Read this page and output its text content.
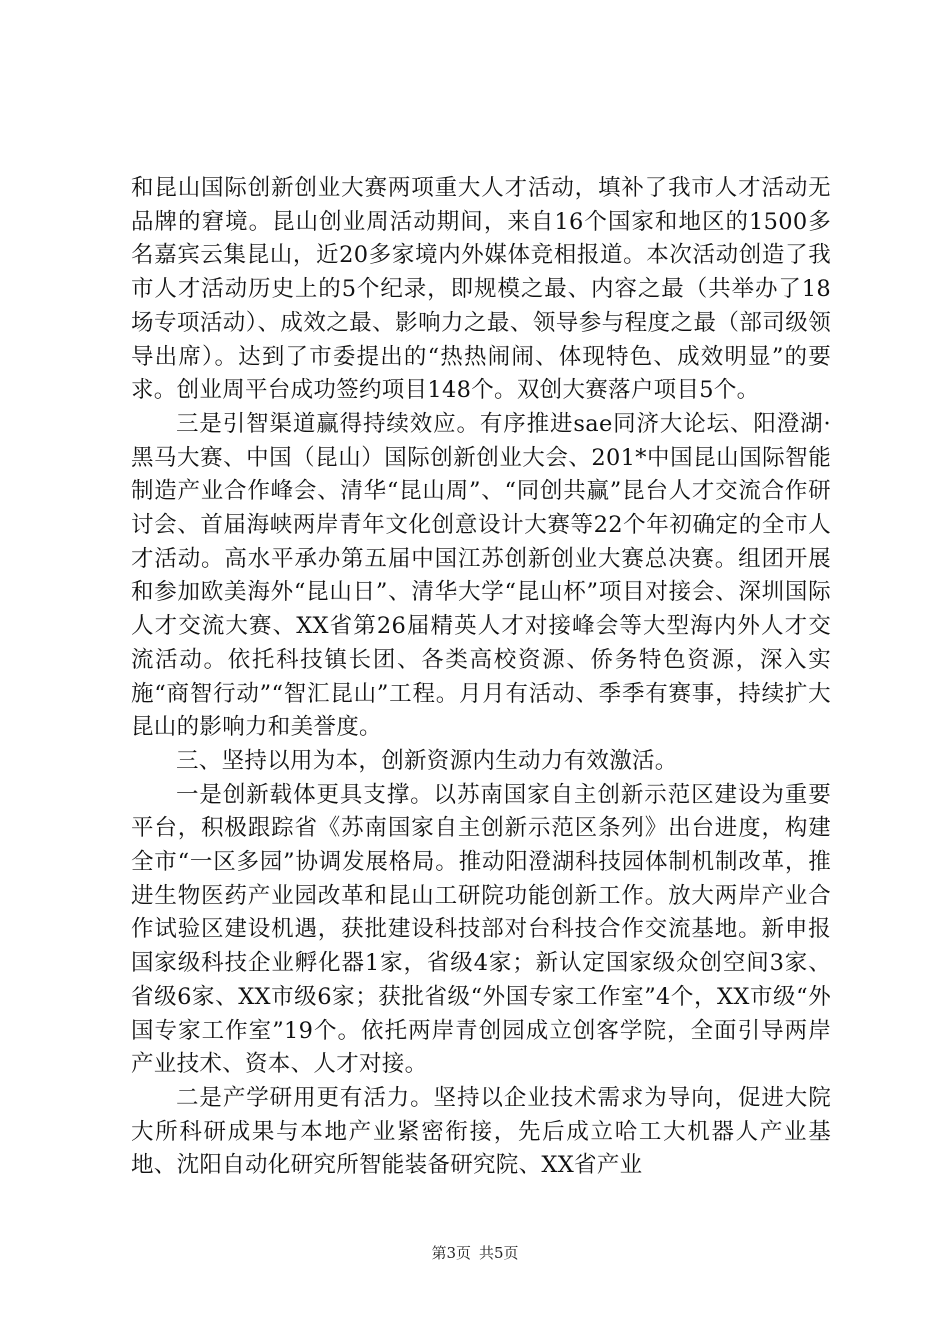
和昆山国际创新创业大赛两项重大人才活动，填补了我市人才活动无品牌的窘境。昆山创业周活动期间，来自16个国家和地区的1500多名嘉宾云集昆山，近20多家境内外媒体竞相报道。本次活动创造了我市人才活动历史上的5个纪录，即规模之最、内容之最（共举办了18场专项活动）、成效之最、影响力之最、领导参与程度之最（部司级领导出席）。达到了市委提出的“热热闹闹、体现特色、成效明显”的要求。创业周平台成功签约项目148个。双创大赛落户项目5个。

三是引智渠道赢得持续效应。有序推进sae同济大论坛、阳澄湖·黑马大赛、中国（昆山）国际创新创业大会、201*中国昆山国际智能制造产业合作峰会、清华“昆山周”、“同创共赢”昆台人才交流合作研讨会、首届海峡两岸青年文化创意设计大赛等22个年初确定的全市人才活动。高水平承办第五届中国江苏创新创业大赛总决赛。组团开展和参加欧美海外“昆山日”、清华大学“昆山杯”项目对接会、深圳国际人才交流大赛、XX省第26届精英人才对接峰会等大型海内外人才交流活动。依托科技镇长团、各类高校资源、侨务特色资源，深入实施“商智行动”“智汇昆山”工程。月月有活动、季季有赛事，持续扩大昆山的影响力和美誉度。

三、坚持以用为本，创新资源内生动力有效激活。

一是创新载体更具支撑。以苏南国家自主创新示范区建设为重要平台，积极跟踪省《苏南国家自主创新示范区条列》出台进度，构建全市“一区多园”协调发展格局。推动阳澄湖科技园体制机制改革，推进生物医药产业园改革和昆山工研院功能创新工作。放大两岸产业合作试验区建设机遇，获批建设科技部对台科技合作交流基地。新申报国家级科技企业孵化器1家，省级4家；新认定国家级众创空间3家、省级6家、XX市级6家；获批省级“外国专家工作室”4个，XX市级“外国专家工作室”19个。依托两岸青创园成立创客学院，全面引导两岸产业技术、资本、人才对接。

二是产学研用更有活力。坚持以企业技术需求为导向，促进大院大所科研成果与本地产业紧密衔接，先后成立哈工大机器人产业基地、沈阳自动化研究所智能装备研究院、XX省产业

第3页 共5页
